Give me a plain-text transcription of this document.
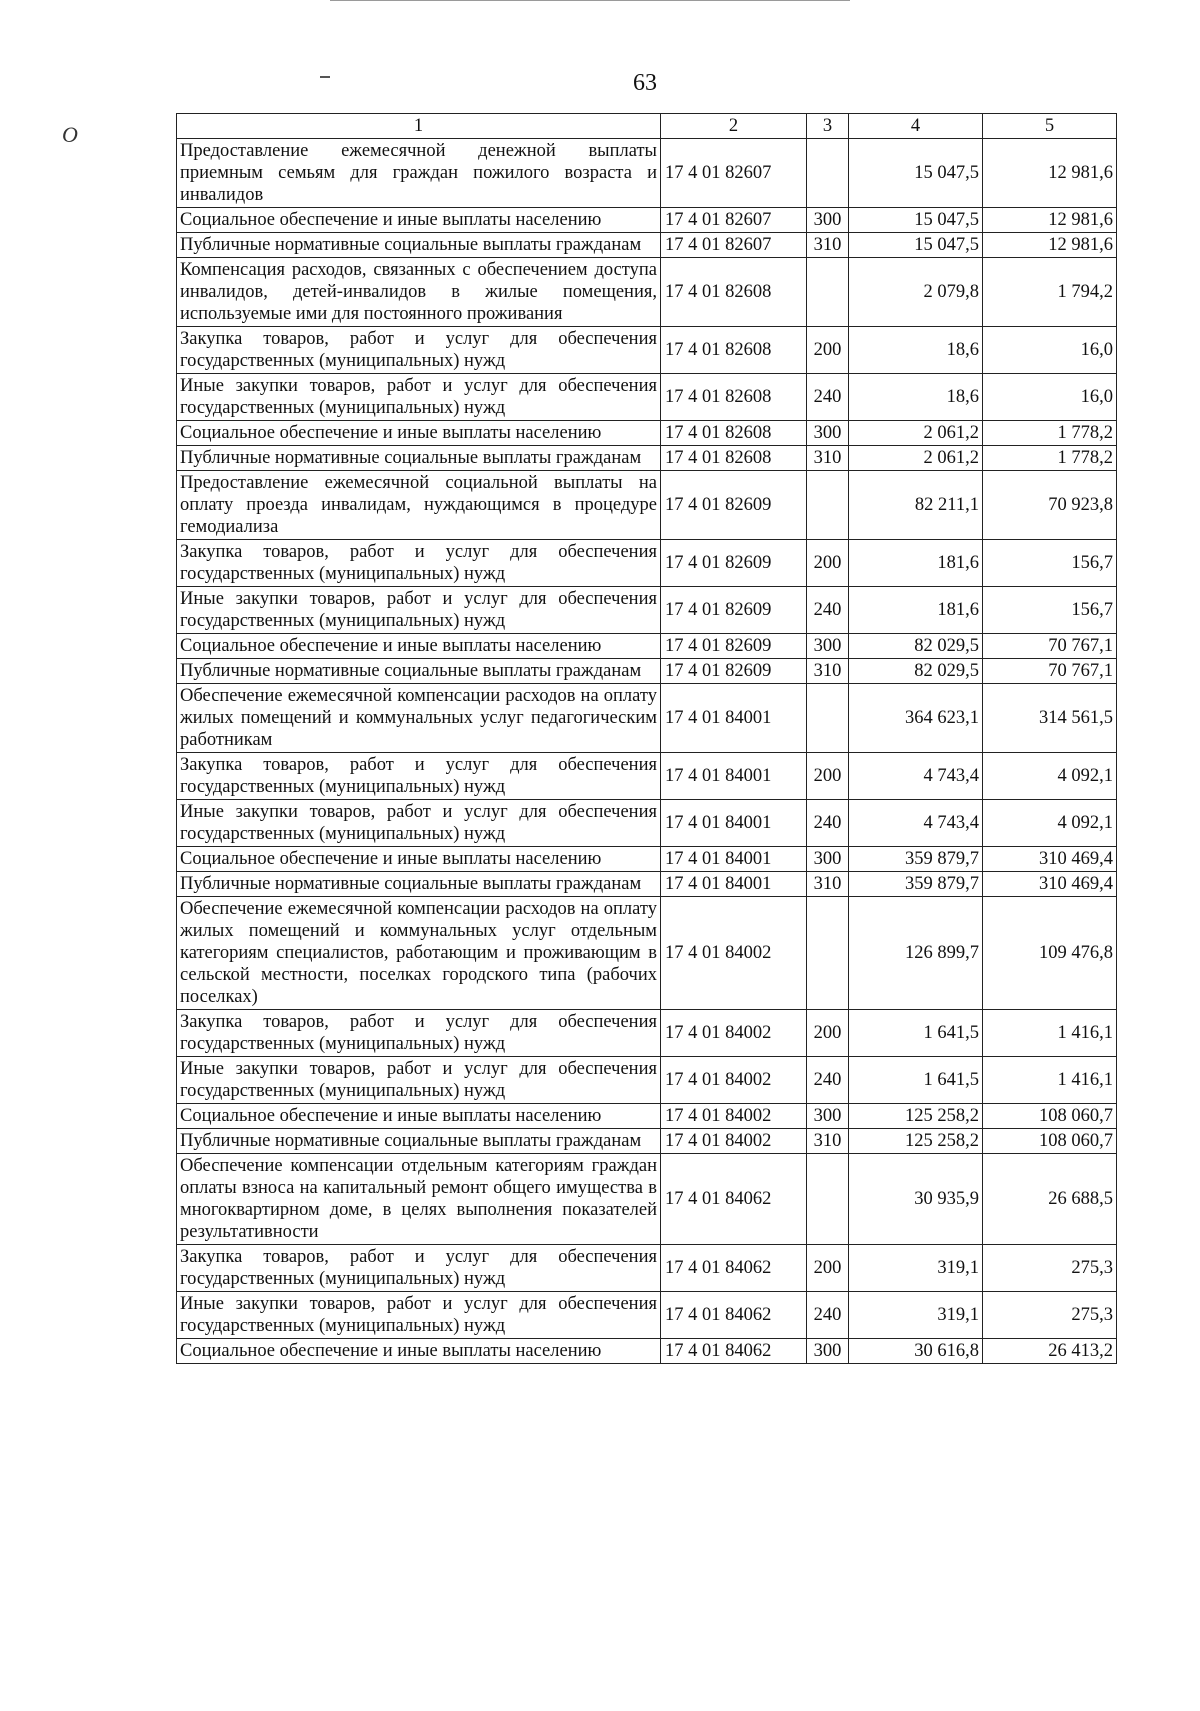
O
63
1	2	3	4	5
Предоставление ежемесячной денежной выплаты приемным семьям для граждан пожилого возраста и инвалидов	17 4 01 82607		15 047,5	12 981,6
Социальное обеспечение и иные выплаты населению	17 4 01 82607	300	15 047,5	12 981,6
Публичные нормативные социальные выплаты гражданам	17 4 01 82607	310	15 047,5	12 981,6
Компенсация расходов, связанных с обеспечением доступа инвалидов, детей-инвалидов в жилые помещения, используемые ими для постоянного проживания	17 4 01 82608		2 079,8	1 794,2
Закупка товаров, работ и услуг для обеспечения государственных (муниципальных) нужд	17 4 01 82608	200	18,6	16,0
Иные закупки товаров, работ и услуг для обеспечения государственных (муниципальных) нужд	17 4 01 82608	240	18,6	16,0
Социальное обеспечение и иные выплаты населению	17 4 01 82608	300	2 061,2	1 778,2
Публичные нормативные социальные выплаты гражданам	17 4 01 82608	310	2 061,2	1 778,2
Предоставление ежемесячной социальной выплаты на оплату проезда инвалидам, нуждающимся в процедуре гемодиализа	17 4 01 82609		82 211,1	70 923,8
Закупка товаров, работ и услуг для обеспечения государственных (муниципальных) нужд	17 4 01 82609	200	181,6	156,7
Иные закупки товаров, работ и услуг для обеспечения государственных (муниципальных) нужд	17 4 01 82609	240	181,6	156,7
Социальное обеспечение и иные выплаты населению	17 4 01 82609	300	82 029,5	70 767,1
Публичные нормативные социальные выплаты гражданам	17 4 01 82609	310	82 029,5	70 767,1
Обеспечение ежемесячной компенсации расходов на оплату жилых помещений и коммунальных услуг педагогическим работникам	17 4 01 84001		364 623,1	314 561,5
Закупка товаров, работ и услуг для обеспечения государственных (муниципальных) нужд	17 4 01 84001	200	4 743,4	4 092,1
Иные закупки товаров, работ и услуг для обеспечения государственных (муниципальных) нужд	17 4 01 84001	240	4 743,4	4 092,1
Социальное обеспечение и иные выплаты населению	17 4 01 84001	300	359 879,7	310 469,4
Публичные нормативные социальные выплаты гражданам	17 4 01 84001	310	359 879,7	310 469,4
Обеспечение ежемесячной компенсации расходов на оплату жилых помещений и коммунальных услуг отдельным категориям специалистов, работающим и проживающим в сельской местности, поселках городского типа (рабочих поселках)	17 4 01 84002		126 899,7	109 476,8
Закупка товаров, работ и услуг для обеспечения государственных (муниципальных) нужд	17 4 01 84002	200	1 641,5	1 416,1
Иные закупки товаров, работ и услуг для обеспечения государственных (муниципальных) нужд	17 4 01 84002	240	1 641,5	1 416,1
Социальное обеспечение и иные выплаты населению	17 4 01 84002	300	125 258,2	108 060,7
Публичные нормативные социальные выплаты гражданам	17 4 01 84002	310	125 258,2	108 060,7
Обеспечение компенсации отдельным категориям граждан оплаты взноса на капитальный ремонт общего имущества в многоквартирном доме, в целях выполнения показателей результативности	17 4 01 84062		30 935,9	26 688,5
Закупка товаров, работ и услуг для обеспечения государственных (муниципальных) нужд	17 4 01 84062	200	319,1	275,3
Иные закупки товаров, работ и услуг для обеспечения государственных (муниципальных) нужд	17 4 01 84062	240	319,1	275,3
Социальное обеспечение и иные выплаты населению	17 4 01 84062	300	30 616,8	26 413,2
